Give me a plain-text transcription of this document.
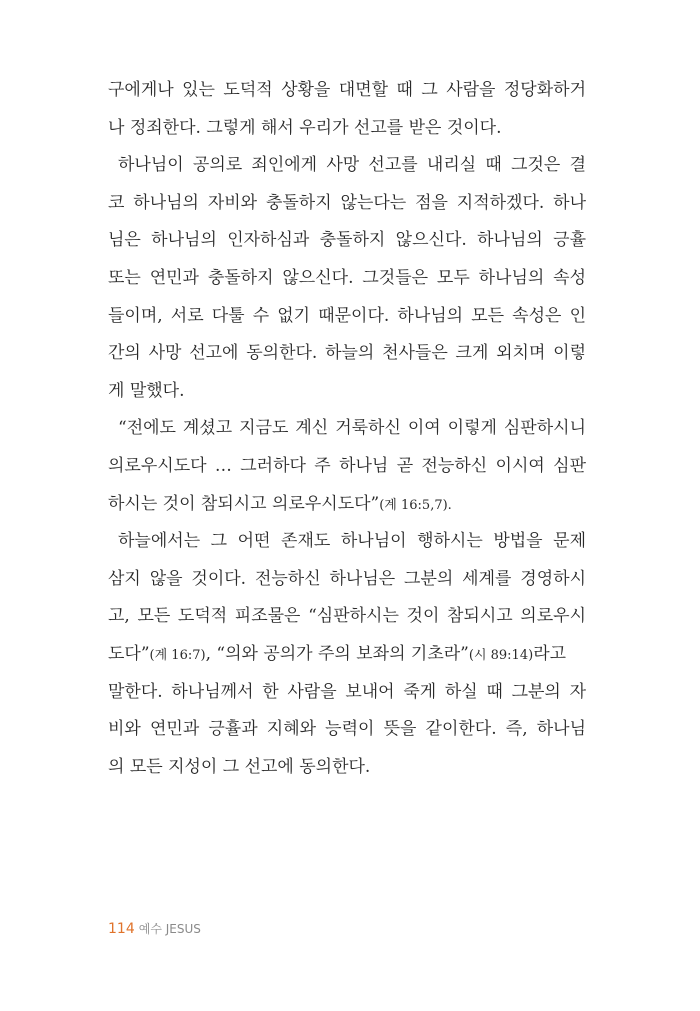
구에게나 있는 도덕적 상황을 대면할 때 그 사람을 정당화하거
나 정죄한다. 그렇게 해서 우리가 선고를 받은 것이다.
하나님이 공의로 죄인에게 사망 선고를 내리실 때 그것은 결
코 하나님의 자비와 충돌하지 않는다는 점을 지적하겠다. 하나
님은 하나님의 인자하심과 충돌하지 않으신다. 하나님의 긍휼
또는 연민과 충돌하지 않으신다. 그것들은 모두 하나님의 속성
들이며, 서로 다툴 수 없기 때문이다. 하나님의 모든 속성은 인
간의 사망 선고에 동의한다. 하늘의 천사들은 크게 외치며 이렇
게 말했다.
“전에도 계셨고 지금도 계신 거룩하신 이여 이렇게 심판하시니
의로우시도다 … 그러하다 주 하나님 곧 전능하신 이시여 심판
하시는 것이 참되시고 의로우시도다”(계 16:5,7).
하늘에서는 그 어떤 존재도 하나님이 행하시는 방법을 문제
삼지 않을 것이다. 전능하신 하나님은 그분의 세계를 경영하시
고, 모든 도덕적 피조물은 “심판하시는 것이 참되시고 의로우시
도다”(계 16:7), “의와 공의가 주의 보좌의 기초라”(시 89:14)라고
말한다. 하나님께서 한 사람을 보내어 죽게 하실 때 그분의 자
비와 연민과 긍휼과 지혜와 능력이 뜻을 같이한다. 즉, 하나님
의 모든 지성이 그 선고에 동의한다.
114 예수 JESUS
